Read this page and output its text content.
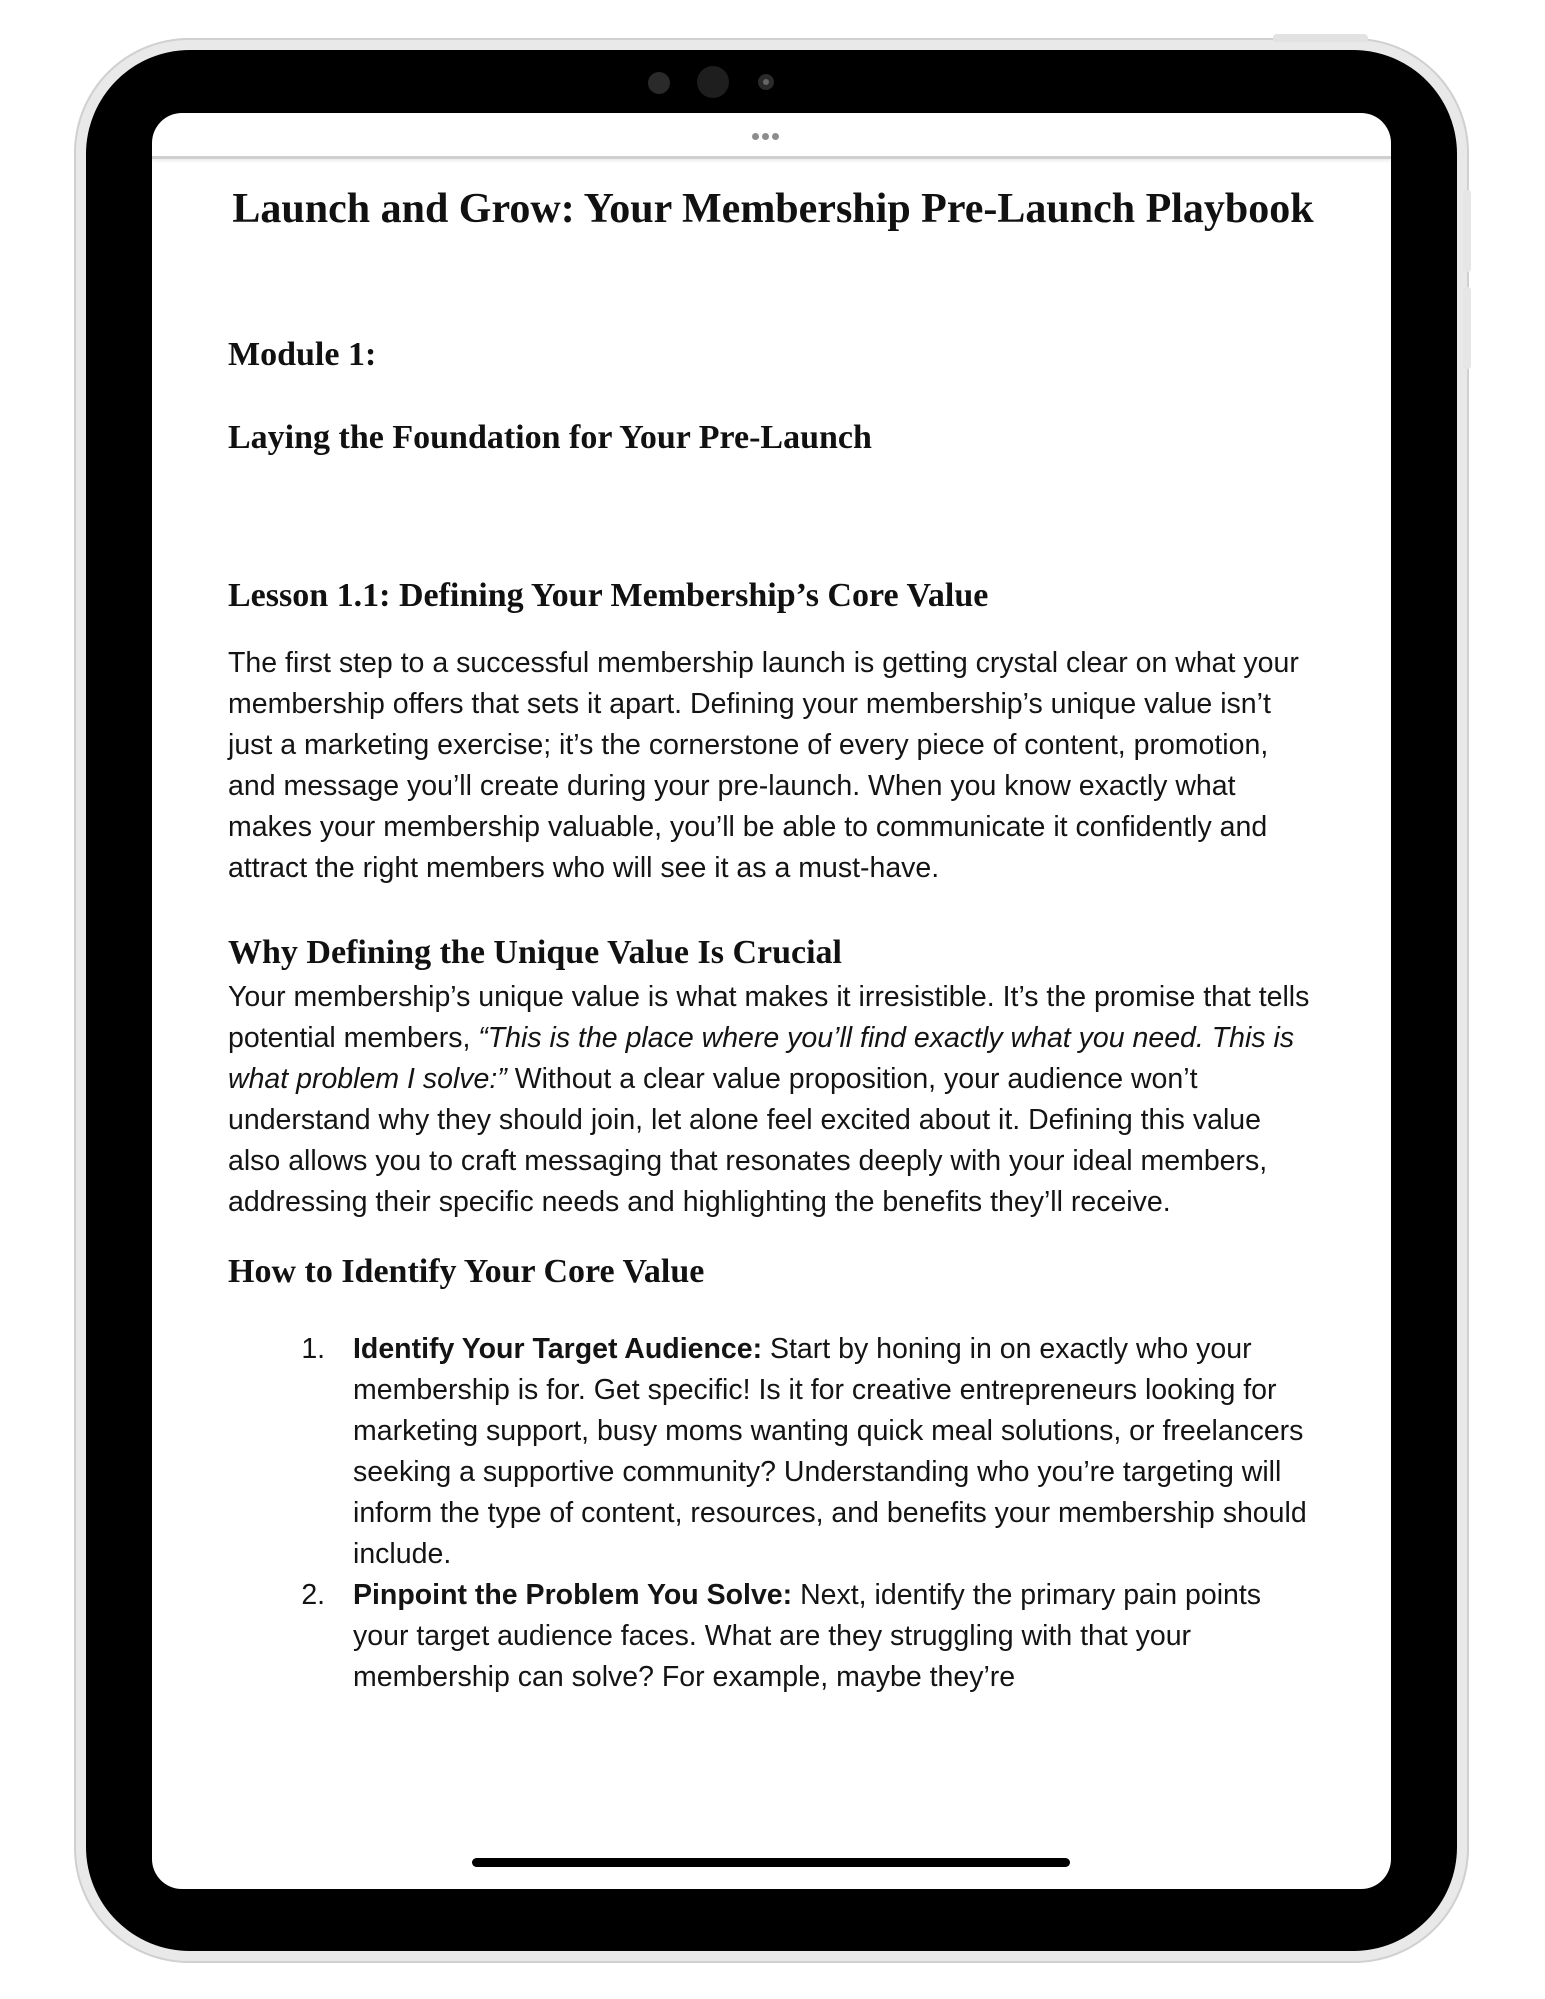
Launch and Grow: Your Membership Pre-Launch Playbook
Module 1:
Laying the Foundation for Your Pre-Launch
Lesson 1.1: Defining Your Membership’s Core Value

The first step to a successful membership launch is getting crystal clear on what your membership offers that sets it apart. Defining your membership’s unique value isn’t just a marketing exercise; it’s the cornerstone of every piece of content, promotion, and message you’ll create during your pre-launch. When you know exactly what makes your membership valuable, you’ll be able to communicate it confidently and attract the right members who will see it as a must-have.

Why Defining the Unique Value Is Crucial

Your membership’s unique value is what makes it irresistible. It’s the promise that tells potential members, “This is the place where you’ll find exactly what you need. This is what problem I solve:” Without a clear value proposition, your audience won’t understand why they should join, let alone feel excited about it. Defining this value also allows you to craft messaging that resonates deeply with your ideal members, addressing their specific needs and highlighting the benefits they’ll receive.

How to Identify Your Core Value
1. Identify Your Target Audience: Start by honing in on exactly who your membership is for. Get specific! Is it for creative entrepreneurs looking for marketing support, busy moms wanting quick meal solutions, or freelancers seeking a supportive community? Understanding who you’re targeting will inform the type of content, resources, and benefits your membership should include.
2. Pinpoint the Problem You Solve: Next, identify the primary pain points your target audience faces. What are they struggling with that your membership can solve? For example, maybe they’re
